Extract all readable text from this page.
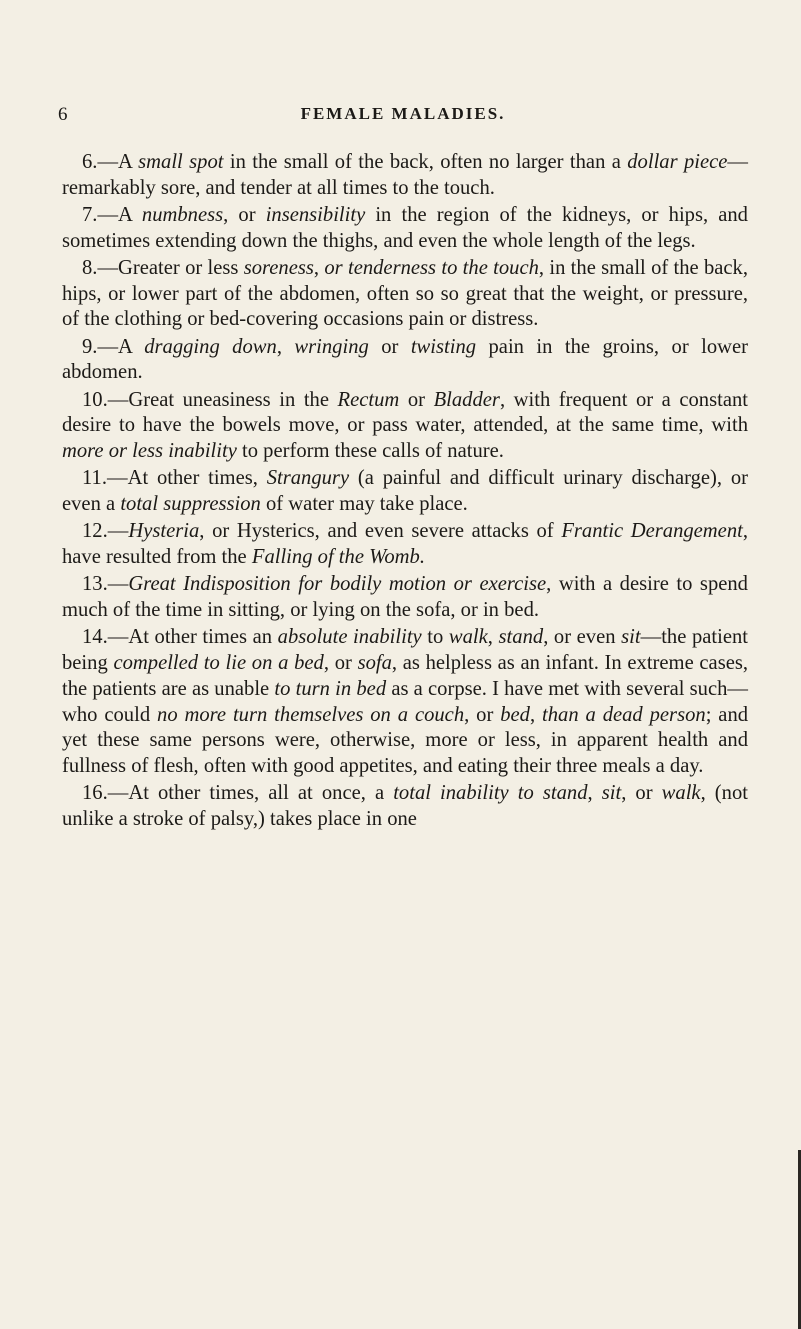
6	FEMALE MALADIES.

6.—A small spot in the small of the back, often no larger than a dollar piece—remarkably sore, and tender at all times to the touch.

7.—A numbness, or insensibility in the region of the kidneys, or hips, and sometimes extending down the thighs, and even the whole length of the legs.

8.—Greater or less soreness, or tenderness to the touch, in the small of the back, hips, or lower part of the abdomen, often so so great that the weight, or pressure, of the clothing or bed-covering occasions pain or distress.

9.—A dragging down, wringing or twisting pain in the groins, or lower abdomen.

10.—Great uneasiness in the Rectum or Bladder, with frequent or a constant desire to have the bowels move, or pass water, attended, at the same time, with more or less inability to perform these calls of nature.

11.—At other times, Strangury (a painful and difficult urinary discharge), or even a total suppression of water may take place.

12.—Hysteria, or Hysterics, and even severe attacks of Frantic Derangement, have resulted from the Falling of the Womb.

13.—Great Indisposition for bodily motion or exercise, with a desire to spend much of the time in sitting, or lying on the sofa, or in bed.

14.—At other times an absolute inability to walk, stand, or even sit—the patient being compelled to lie on a bed, or sofa, as helpless as an infant. In extreme cases, the patients are as unable to turn in bed as a corpse. I have met with several such—who could no more turn themselves on a couch, or bed, than a dead person; and yet these same persons were, otherwise, more or less, in apparent health and fullness of flesh, often with good appetites, and eating their three meals a day.

16.—At other times, all at once, a total inability to stand, sit, or walk, (not unlike a stroke of palsy,) takes place in one
